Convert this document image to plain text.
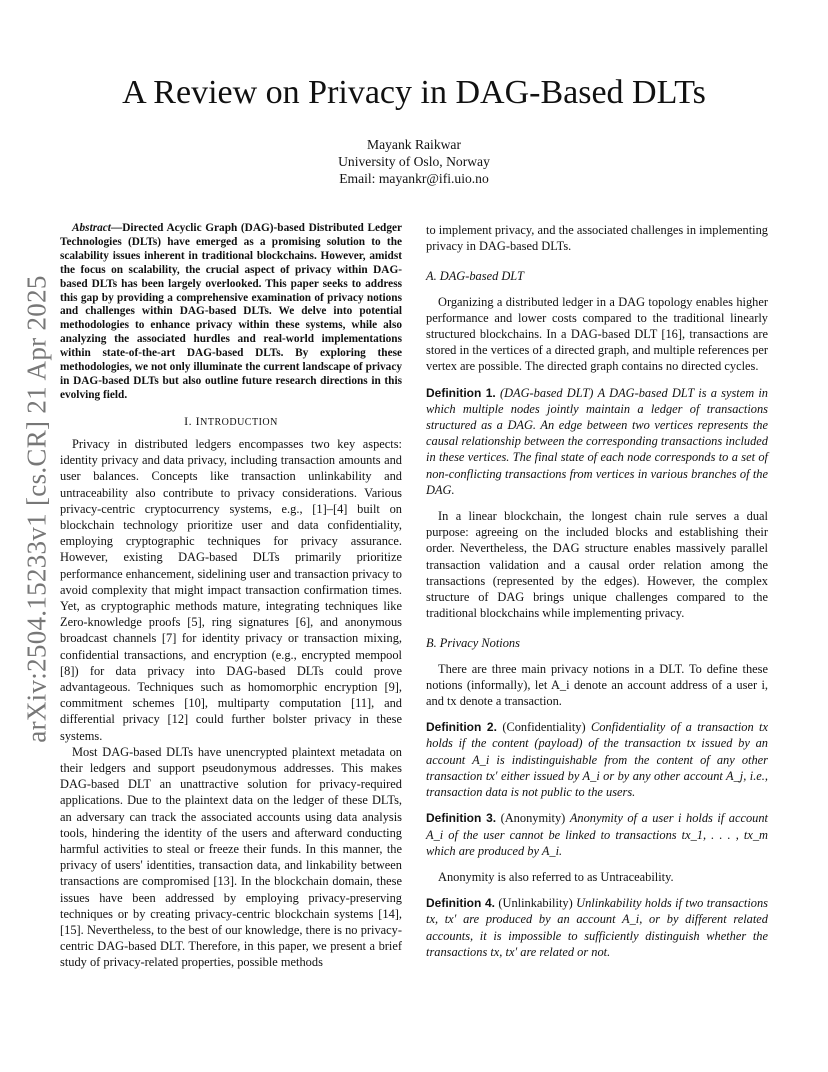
arXiv:2504.15233v1 [cs.CR] 21 Apr 2025
A Review on Privacy in DAG-Based DLTs
Mayank Raikwar
University of Oslo, Norway
Email: mayankr@ifi.uio.no

Abstract—Directed Acyclic Graph (DAG)-based Distributed Ledger Technologies (DLTs) have emerged as a promising solution to the scalability issues inherent in traditional blockchains. However, amidst the focus on scalability, the crucial aspect of privacy within DAG-based DLTs has been largely overlooked. This paper seeks to address this gap by providing a comprehensive examination of privacy notions and challenges within DAG-based DLTs. We delve into potential methodologies to enhance privacy within these systems, while also analyzing the associated hurdles and real-world implementations within state-of-the-art DAG-based DLTs. By exploring these methodologies, we not only illuminate the current landscape of privacy in DAG-based DLTs but also outline future research directions in this evolving field.

I. INTRODUCTION

Privacy in distributed ledgers encompasses two key aspects: identity privacy and data privacy, including transaction amounts and user balances. Concepts like transaction unlinkability and untraceability also contribute to privacy considerations. Various privacy-centric cryptocurrency systems, e.g., [1]–[4] built on blockchain technology prioritize user and data confidentiality, employing cryptographic techniques for privacy assurance. However, existing DAG-based DLTs primarily prioritize performance enhancement, sidelining user and transaction privacy to avoid complexity that might impact transaction confirmation times. Yet, as cryptographic methods mature, integrating techniques like Zero-knowledge proofs [5], ring signatures [6], and anonymous broadcast channels [7] for identity privacy or transaction mixing, confidential transactions, and encryption (e.g., encrypted mempool [8]) for data privacy into DAG-based DLTs could prove advantageous. Techniques such as homomorphic encryption [9], commitment schemes [10], multiparty computation [11], and differential privacy [12] could further bolster privacy in these systems.

Most DAG-based DLTs have unencrypted plaintext metadata on their ledgers and support pseudonymous addresses. This makes DAG-based DLT an unattractive solution for privacy-required applications. Due to the plaintext data on the ledger of these DLTs, an adversary can track the associated accounts using data analysis tools, hindering the identity of the users and afterward conducting harmful activities to steal or freeze their funds. In this manner, the privacy of users' identities, transaction data, and linkability between transactions are compromised [13]. In the blockchain domain, these issues have been addressed by employing privacy-preserving techniques or by creating privacy-centric blockchain systems [14], [15]. Nevertheless, to the best of our knowledge, there is no privacy-centric DAG-based DLT. Therefore, in this paper, we present a brief study of privacy-related properties, possible methods

to implement privacy, and the associated challenges in implementing privacy in DAG-based DLTs.

A. DAG-based DLT

Organizing a distributed ledger in a DAG topology enables higher performance and lower costs compared to the traditional linearly structured blockchains. In a DAG-based DLT [16], transactions are stored in the vertices of a directed graph, and multiple references per vertex are possible. The directed graph contains no directed cycles.

Definition 1. (DAG-based DLT) A DAG-based DLT is a system in which multiple nodes jointly maintain a ledger of transactions structured as a DAG. An edge between two vertices represents the causal relationship between the corresponding transactions included in these vertices. The final state of each node corresponds to a set of non-conflicting transactions from vertices in various branches of the DAG.

In a linear blockchain, the longest chain rule serves a dual purpose: agreeing on the included blocks and establishing their order. Nevertheless, the DAG structure enables massively parallel transaction validation and a causal order relation among the transactions (represented by the edges). However, the complex structure of DAG brings unique challenges compared to the traditional blockchains while implementing privacy.

B. Privacy Notions

There are three main privacy notions in a DLT. To define these notions (informally), let A_i denote an account address of a user i, and tx denote a transaction.

Definition 2. (Confidentiality) Confidentiality of a transaction tx holds if the content (payload) of the transaction tx issued by an account A_i is indistinguishable from the content of any other transaction tx′ either issued by A_i or by any other account A_j, i.e., transaction data is not public to the users.

Definition 3. (Anonymity) Anonymity of a user i holds if account A_i of the user cannot be linked to transactions tx_1, . . . , tx_m which are produced by A_i.

Anonymity is also referred to as Untraceability.

Definition 4. (Unlinkability) Unlinkability holds if two transactions tx, tx′ are produced by an account A_i, or by different related accounts, it is impossible to sufficiently distinguish whether the transactions tx, tx′ are related or not.
